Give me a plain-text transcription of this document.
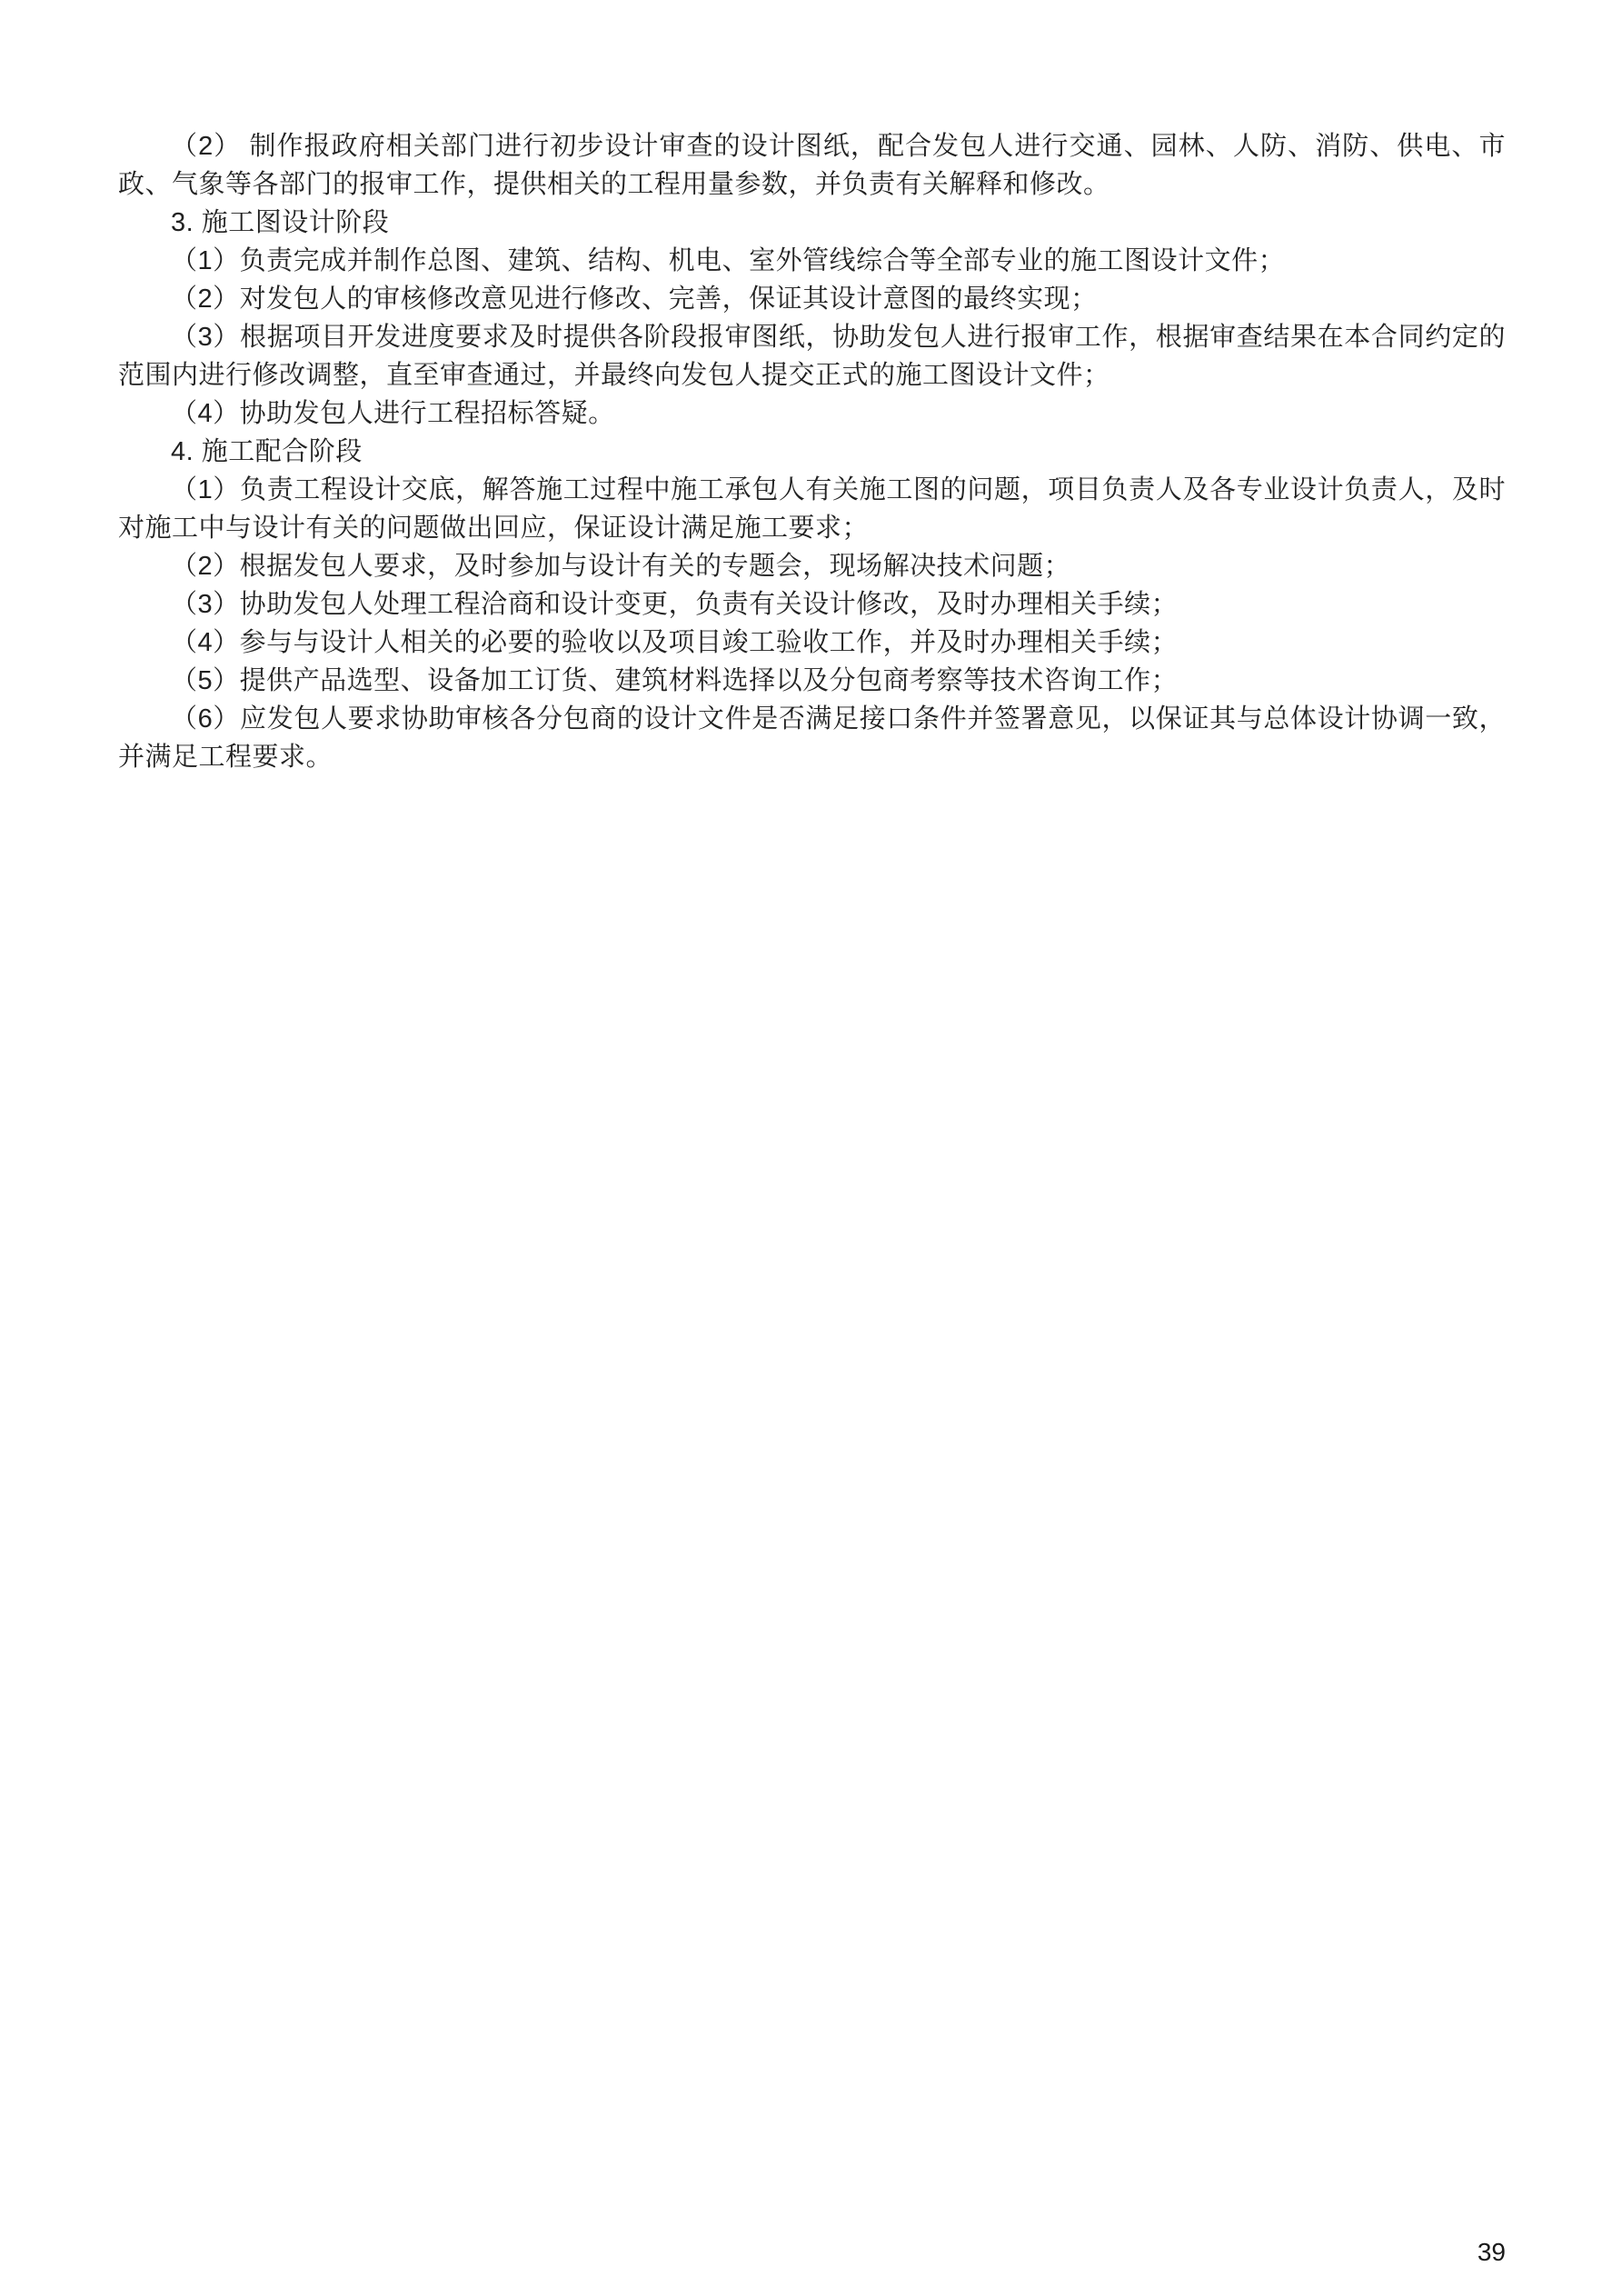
（2） 制作报政府相关部门进行初步设计审查的设计图纸，配合发包人进行交通、园林、人防、消防、供电、市政、气象等各部门的报审工作，提供相关的工程用量参数，并负责有关解释和修改。

3. 施工图设计阶段

（1）负责完成并制作总图、建筑、结构、机电、室外管线综合等全部专业的施工图设计文件；

（2）对发包人的审核修改意见进行修改、完善，保证其设计意图的最终实现；

（3）根据项目开发进度要求及时提供各阶段报审图纸，协助发包人进行报审工作，根据审查结果在本合同约定的范围内进行修改调整，直至审查通过，并最终向发包人提交正式的施工图设计文件；

（4）协助发包人进行工程招标答疑。

4. 施工配合阶段

（1）负责工程设计交底，解答施工过程中施工承包人有关施工图的问题，项目负责人及各专业设计负责人，及时对施工中与设计有关的问题做出回应，保证设计满足施工要求；

（2）根据发包人要求，及时参加与设计有关的专题会，现场解决技术问题；

（3）协助发包人处理工程洽商和设计变更，负责有关设计修改，及时办理相关手续；

（4）参与与设计人相关的必要的验收以及项目竣工验收工作，并及时办理相关手续；

（5）提供产品选型、设备加工订货、建筑材料选择以及分包商考察等技术咨询工作；

（6）应发包人要求协助审核各分包商的设计文件是否满足接口条件并签署意见，以保证其与总体设计协调一致，并满足工程要求。

39
